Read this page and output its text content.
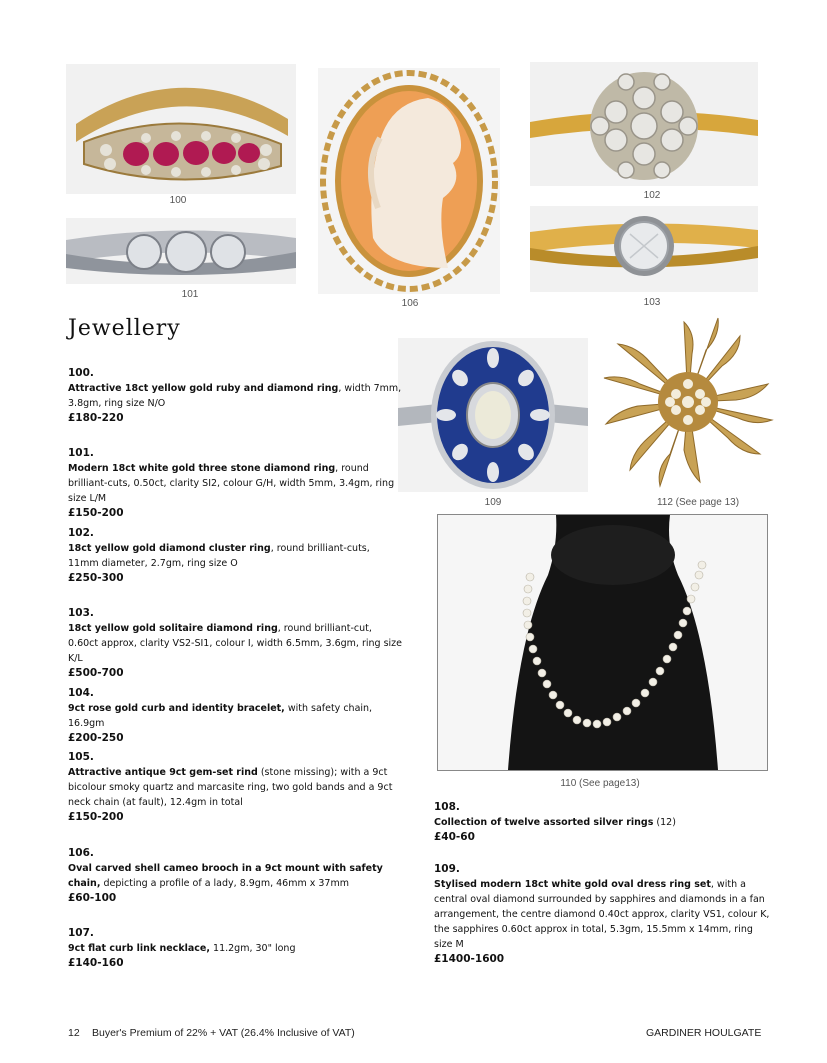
100
101
106
102
103
109	112 (See page 13)
110 (See page13)
Jewellery
100.
Attractive 18ct yellow gold ruby and diamond ring, width 7mm, 3.8gm, ring size N/O
£180-220
101.
Modern 18ct white gold three stone diamond ring, round brilliant-cuts, 0.50ct, clarity SI2, colour G/H, width 5mm, 3.4gm, ring size L/M
£150-200
102.
18ct yellow gold diamond cluster ring, round brilliant-cuts, 11mm diameter, 2.7gm, ring size O
£250-300
103.
18ct yellow gold solitaire diamond ring, round brilliant-cut, 0.60ct approx, clarity VS2-SI1, colour I, width 6.5mm, 3.6gm, ring size K/L
£500-700
104.
9ct rose gold curb and identity bracelet, with safety chain, 16.9gm
£200-250
105.
Attractive antique 9ct gem-set rind (stone missing); with a 9ct bicolour smoky quartz and marcasite ring, two gold bands and a 9ct neck chain (at fault), 12.4gm in total
£150-200
106.
Oval carved shell cameo brooch in a 9ct mount with safety chain, depicting a profile of a lady, 8.9gm, 46mm x 37mm
£60-100
107.
9ct flat curb link necklace, 11.2gm, 30" long
£140-160
108.
Collection of twelve assorted silver rings (12)
£40-60
109.
Stylised modern 18ct white gold oval dress ring set, with a central oval diamond surrounded by sapphires and diamonds in a fan arrangement, the centre diamond 0.40ct approx, clarity VS1, colour K, the sapphires 0.60ct approx in total, 5.3gm, 15.5mm x 14mm, ring size M
£1400-1600
12 Buyer's Premium of 22% + VAT (26.4% Inclusive of VAT)	GARDINER HOULGATE
